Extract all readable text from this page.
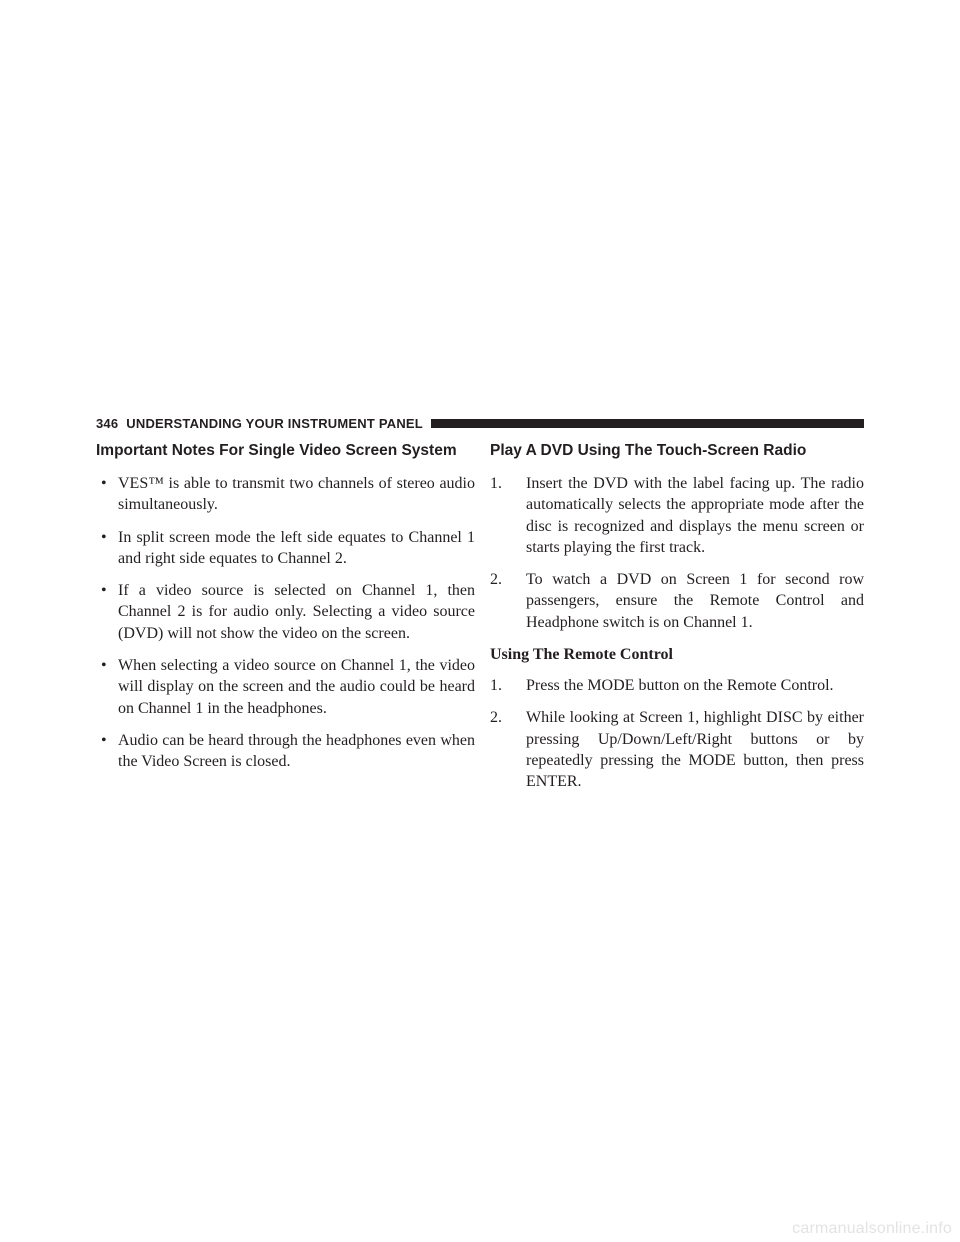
346 UNDERSTANDING YOUR INSTRUMENT PANEL
Important Notes For Single Video Screen System
• VES™ is able to transmit two channels of stereo audio simultaneously.
• In split screen mode the left side equates to Channel 1 and right side equates to Channel 2.
• If a video source is selected on Channel 1, then Channel 2 is for audio only. Selecting a video source (DVD) will not show the video on the screen.
• When selecting a video source on Channel 1, the video will display on the screen and the audio could be heard on Channel 1 in the headphones.
• Audio can be heard through the headphones even when the Video Screen is closed.
Play A DVD Using The Touch-Screen Radio
1.	Insert the DVD with the label facing up. The radio automatically selects the appropriate mode after the disc is recognized and displays the menu screen or starts playing the first track.
2.	To watch a DVD on Screen 1 for second row passengers, ensure the Remote Control and Headphone switch is on Channel 1.
Using The Remote Control
1.	Press the MODE button on the Remote Control.
2.	While looking at Screen 1, highlight DISC by either pressing Up/Down/Left/Right buttons or by repeatedly pressing the MODE button, then press ENTER.
carmanualsonline.info
